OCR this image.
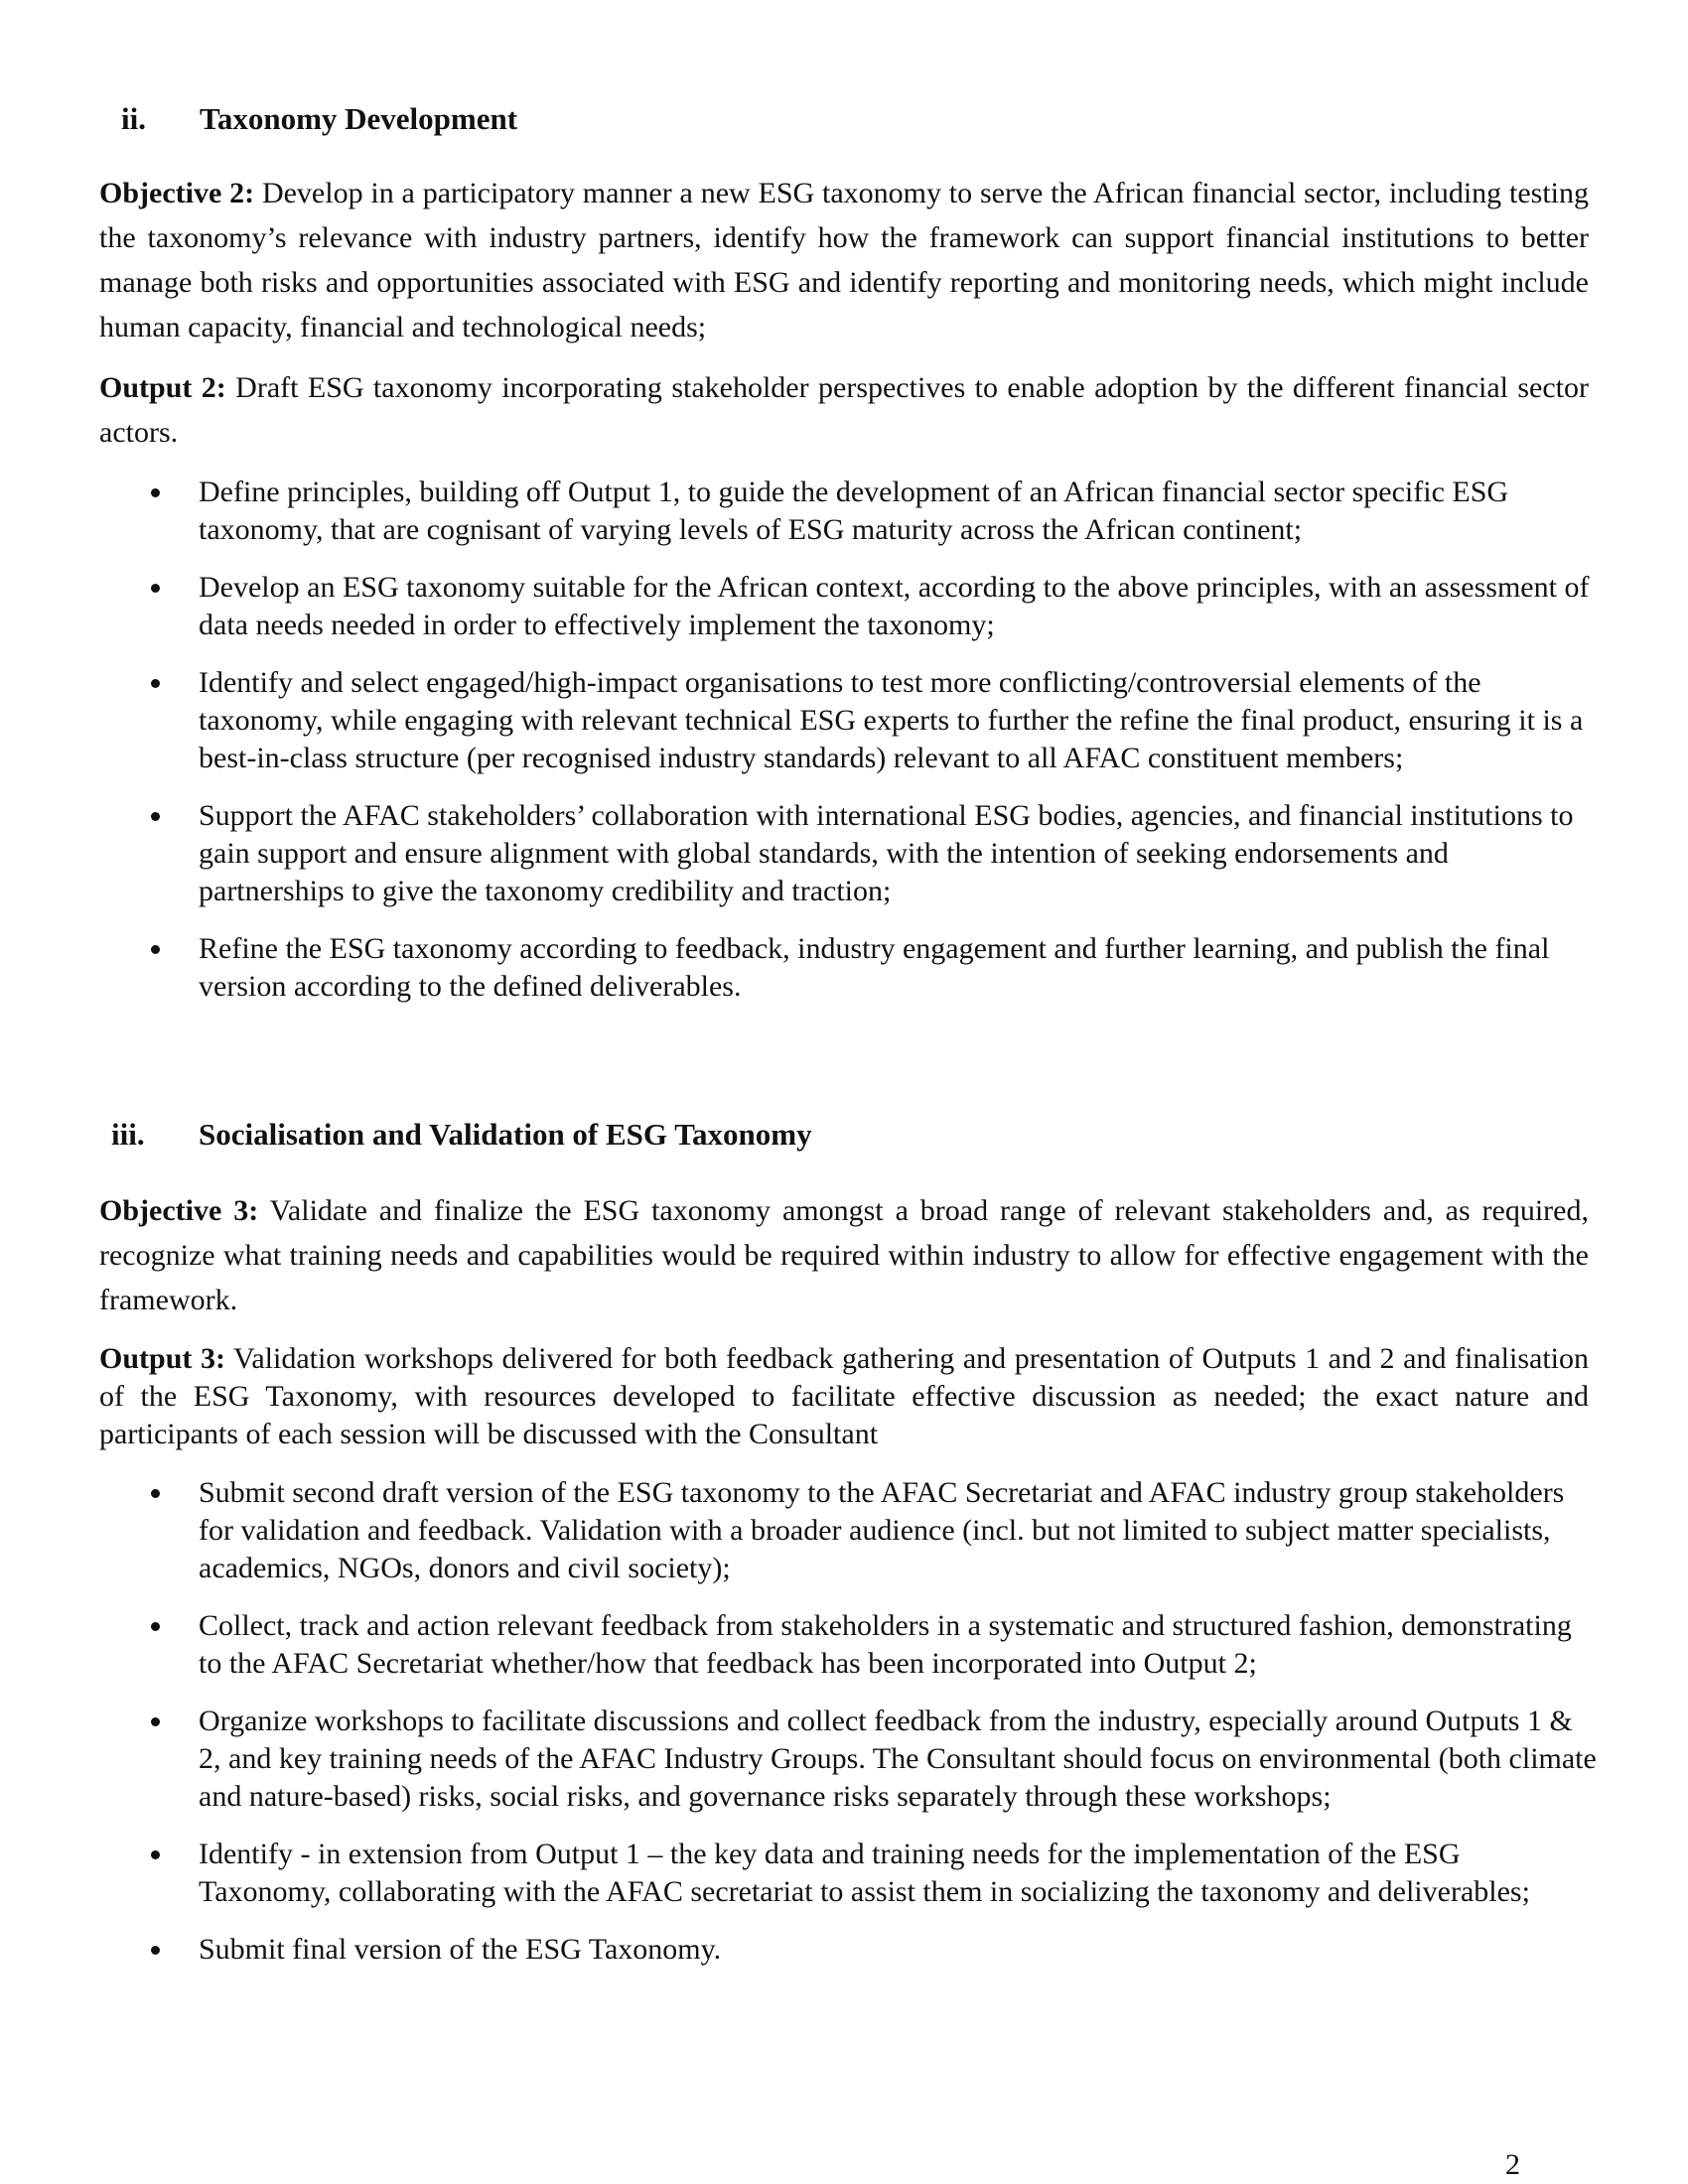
ii. Taxonomy Development

Objective 2: Develop in a participatory manner a new ESG taxonomy to serve the African financial sector, including testing the taxonomy’s relevance with industry partners, identify how the framework can support financial institutions to better manage both risks and opportunities associated with ESG and identify reporting and monitoring needs, which might include human capacity, financial and technological needs;

Output 2: Draft ESG taxonomy incorporating stakeholder perspectives to enable adoption by the different financial sector actors.

Define principles, building off Output 1, to guide the development of an African financial sector specific ESG taxonomy, that are cognisant of varying levels of ESG maturity across the African continent;
Develop an ESG taxonomy suitable for the African context, according to the above principles, with an assessment of data needs needed in order to effectively implement the taxonomy;
Identify and select engaged/high-impact organisations to test more conflicting/controversial elements of the taxonomy, while engaging with relevant technical ESG experts to further the refine the final product, ensuring it is a best-in-class structure (per recognised industry standards) relevant to all AFAC constituent members;
Support the AFAC stakeholders’ collaboration with international ESG bodies, agencies, and financial institutions to gain support and ensure alignment with global standards, with the intention of seeking endorsements and partnerships to give the taxonomy credibility and traction;
Refine the ESG taxonomy according to feedback, industry engagement and further learning, and publish the final version according to the defined deliverables.
iii. Socialisation and Validation of ESG Taxonomy

Objective 3: Validate and finalize the ESG taxonomy amongst a broad range of relevant stakeholders and, as required, recognize what training needs and capabilities would be required within industry to allow for effective engagement with the framework.

Output 3: Validation workshops delivered for both feedback gathering and presentation of Outputs 1 and 2 and finalisation of the ESG Taxonomy, with resources developed to facilitate effective discussion as needed; the exact nature and participants of each session will be discussed with the Consultant

Submit second draft version of the ESG taxonomy to the AFAC Secretariat and AFAC industry group stakeholders for validation and feedback. Validation with a broader audience (incl. but not limited to subject matter specialists, academics, NGOs, donors and civil society);
Collect, track and action relevant feedback from stakeholders in a systematic and structured fashion, demonstrating to the AFAC Secretariat whether/how that feedback has been incorporated into Output 2;
Organize workshops to facilitate discussions and collect feedback from the industry, especially around Outputs 1 & 2, and key training needs of the AFAC Industry Groups. The Consultant should focus on environmental (both climate and nature-based) risks, social risks, and governance risks separately through these workshops;
Identify - in extension from Output 1 – the key data and training needs for the implementation of the ESG Taxonomy, collaborating with the AFAC secretariat to assist them in socializing the taxonomy and deliverables;
Submit final version of the ESG Taxonomy.
2
